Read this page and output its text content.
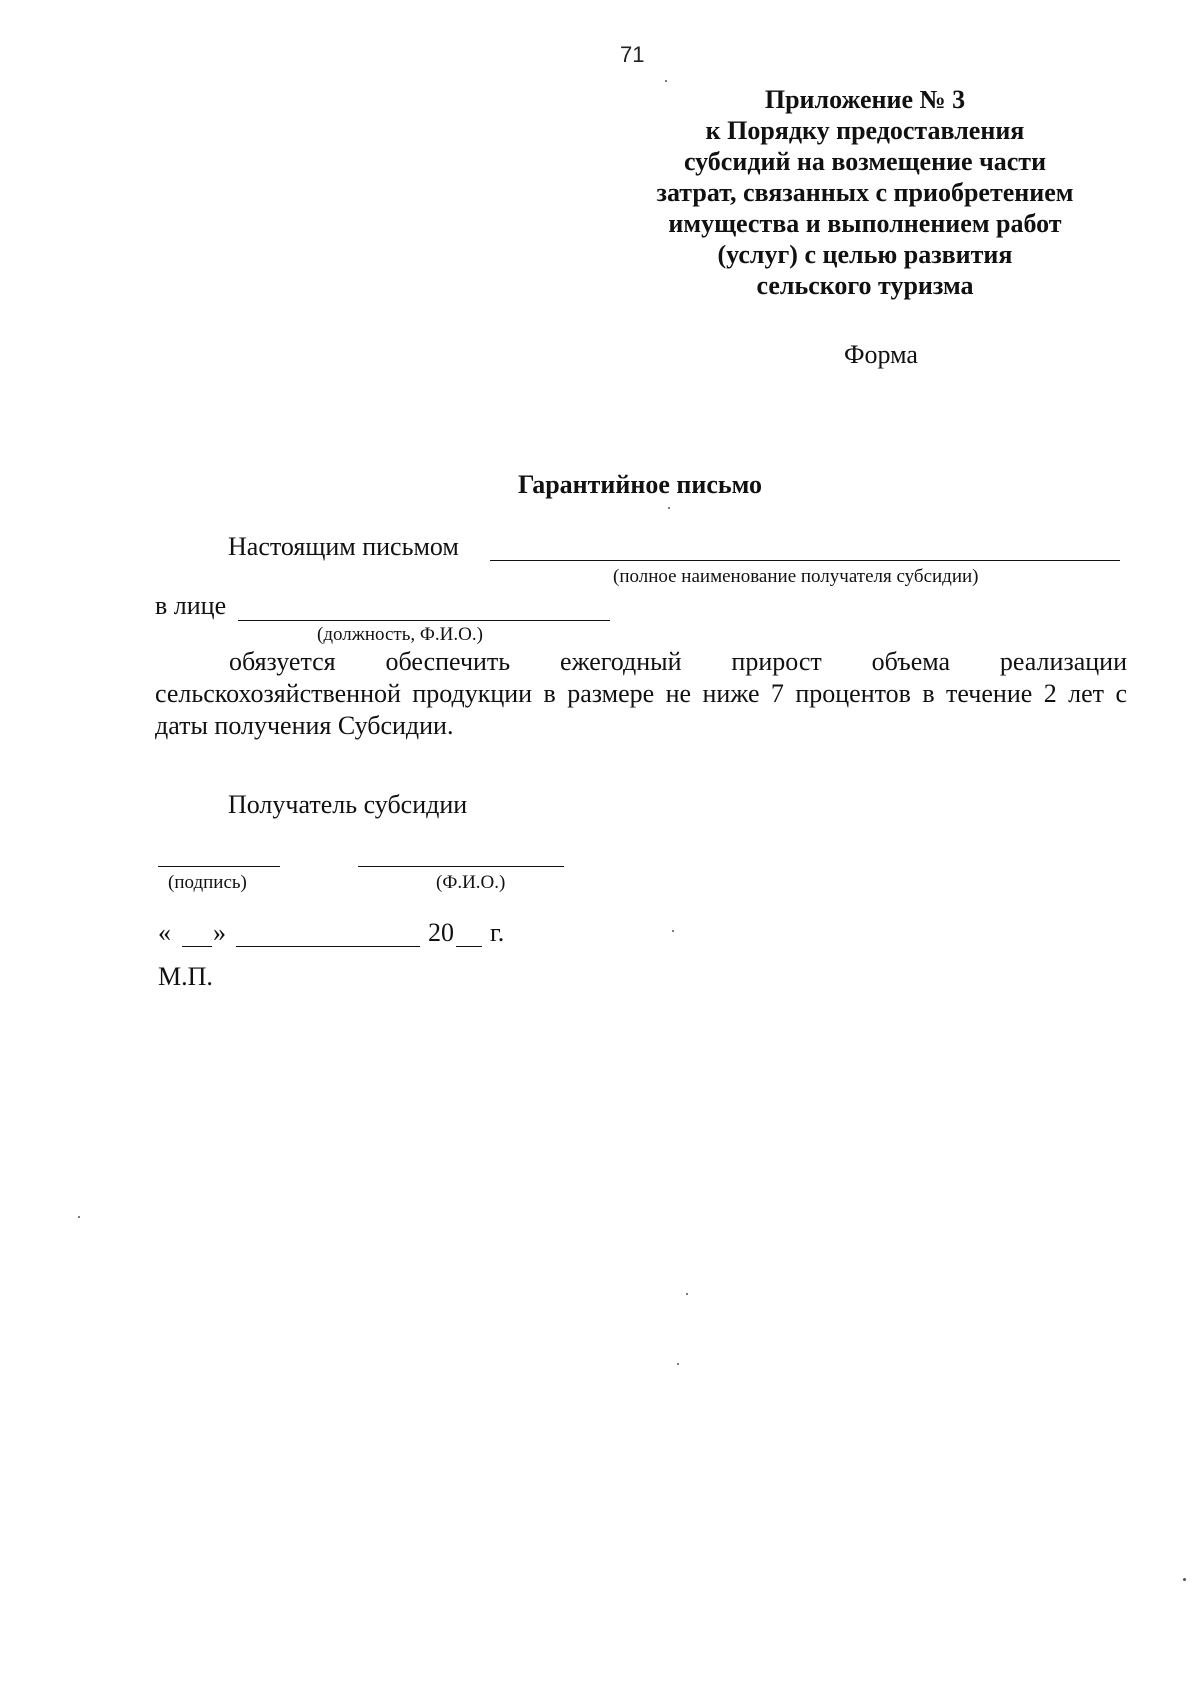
71
Приложение № 3
к Порядку предоставления
субсидий на возмещение части
затрат, связанных с приобретением
имущества и выполнением работ
(услуг) с целью развития
сельского туризма
Форма
Гарантийное письмо
Настоящим письмом
(полное наименование получателя субсидии)
в лице
(должность, Ф.И.О.)
обязуется обеспечить ежегодный прирост объема реализации сельскохозяйственной продукции в размере не ниже 7 процентов в течение 2 лет с даты получения Субсидии.
Получатель субсидии
(подпись)	(Ф.И.О.)
« »	20 г.
М.П.
